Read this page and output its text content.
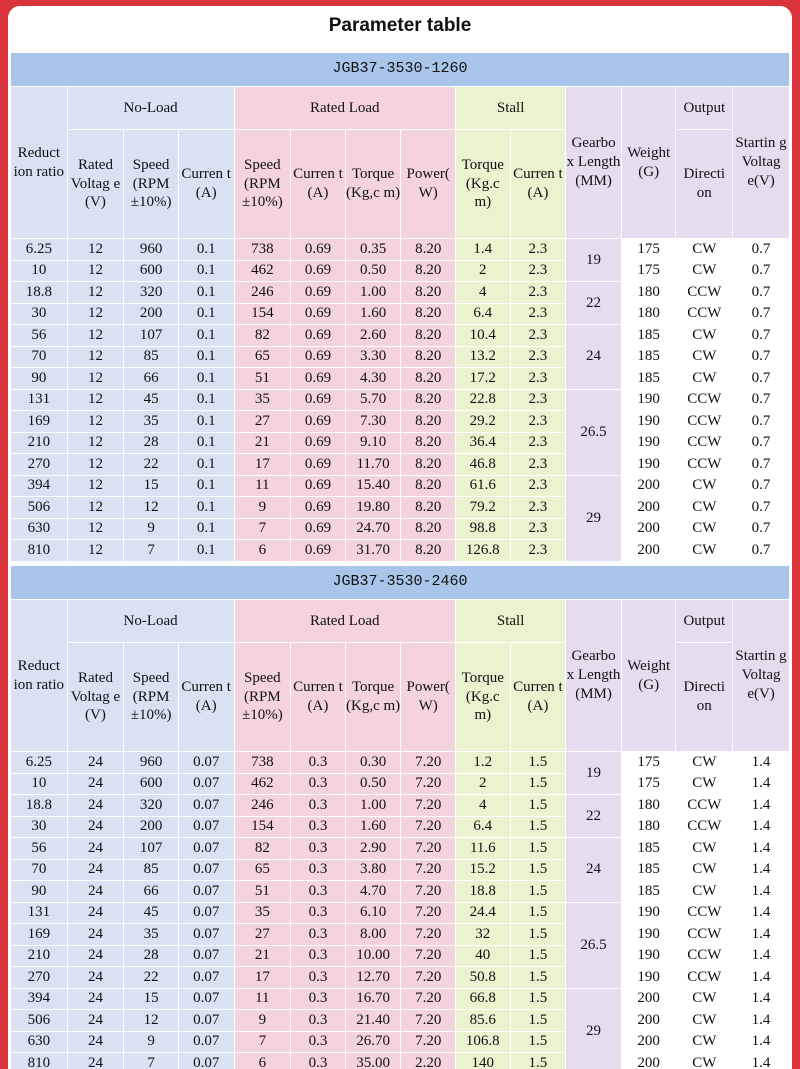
Parameter table
JGB37-3530-1260													
Reduct ion ratio	No-Load			Rated Load				Stall		Gearbo x Length (MM)	Weight (G)	Output	Startin g Voltag e(V)
	Rated Voltag e (V)	Speed (RPM ±10%)	Curren t (A)	Speed (RPM ±10%)	Curren t (A)	Torque (Kg,c m)	Power( W)	Torque (Kg.c m)	Curren t (A)			Directi on	
6.25	12	960	0.1	738	0.69	0.35	8.20	1.4	2.3	19	175	CW	0.7
10	12	600	0.1	462	0.69	0.50	8.20	2	2.3		175	CW	0.7
18.8	12	320	0.1	246	0.69	1.00	8.20	4	2.3	22	180	CCW	0.7
30	12	200	0.1	154	0.69	1.60	8.20	6.4	2.3		180	CCW	0.7
56	12	107	0.1	82	0.69	2.60	8.20	10.4	2.3	24	185	CW	0.7
70	12	85	0.1	65	0.69	3.30	8.20	13.2	2.3		185	CW	0.7
90	12	66	0.1	51	0.69	4.30	8.20	17.2	2.3		185	CW	0.7
131	12	45	0.1	35	0.69	5.70	8.20	22.8	2.3	26.5	190	CCW	0.7
169	12	35	0.1	27	0.69	7.30	8.20	29.2	2.3		190	CCW	0.7
210	12	28	0.1	21	0.69	9.10	8.20	36.4	2.3		190	CCW	0.7
270	12	22	0.1	17	0.69	11.70	8.20	46.8	2.3		190	CCW	0.7
394	12	15	0.1	11	0.69	15.40	8.20	61.6	2.3	29	200	CW	0.7
506	12	12	0.1	9	0.69	19.80	8.20	79.2	2.3		200	CW	0.7
630	12	9	0.1	7	0.69	24.70	8.20	98.8	2.3		200	CW	0.7
810	12	7	0.1	6	0.69	31.70	8.20	126.8	2.3		200	CW	0.7
JGB37-3530-2460													
Reduct ion ratio	No-Load			Rated Load				Stall		Gearbo x Length (MM)	Weight (G)	Output	Startin g Voltag e(V)
	Rated Voltag e (V)	Speed (RPM ±10%)	Curren t (A)	Speed (RPM ±10%)	Curren t (A)	Torque (Kg,c m)	Power( W)	Torque (Kg.c m)	Curren t (A)			Directi on	
6.25	24	960	0.07	738	0.3	0.30	7.20	1.2	1.5	19	175	CW	1.4
10	24	600	0.07	462	0.3	0.50	7.20	2	1.5		175	CW	1.4
18.8	24	320	0.07	246	0.3	1.00	7.20	4	1.5	22	180	CCW	1.4
30	24	200	0.07	154	0.3	1.60	7.20	6.4	1.5		180	CCW	1.4
56	24	107	0.07	82	0.3	2.90	7.20	11.6	1.5	24	185	CW	1.4
70	24	85	0.07	65	0.3	3.80	7.20	15.2	1.5		185	CW	1.4
90	24	66	0.07	51	0.3	4.70	7.20	18.8	1.5		185	CW	1.4
131	24	45	0.07	35	0.3	6.10	7.20	24.4	1.5	26.5	190	CCW	1.4
169	24	35	0.07	27	0.3	8.00	7.20	32	1.5		190	CCW	1.4
210	24	28	0.07	21	0.3	10.00	7.20	40	1.5		190	CCW	1.4
270	24	22	0.07	17	0.3	12.70	7.20	50.8	1.5		190	CCW	1.4
394	24	15	0.07	11	0.3	16.70	7.20	66.8	1.5	29	200	CW	1.4
506	24	12	0.07	9	0.3	21.40	7.20	85.6	1.5		200	CW	1.4
630	24	9	0.07	7	0.3	26.70	7.20	106.8	1.5		200	CW	1.4
810	24	7	0.07	6	0.3	35.00	2.20	140	1.5		200	CW	1.4
